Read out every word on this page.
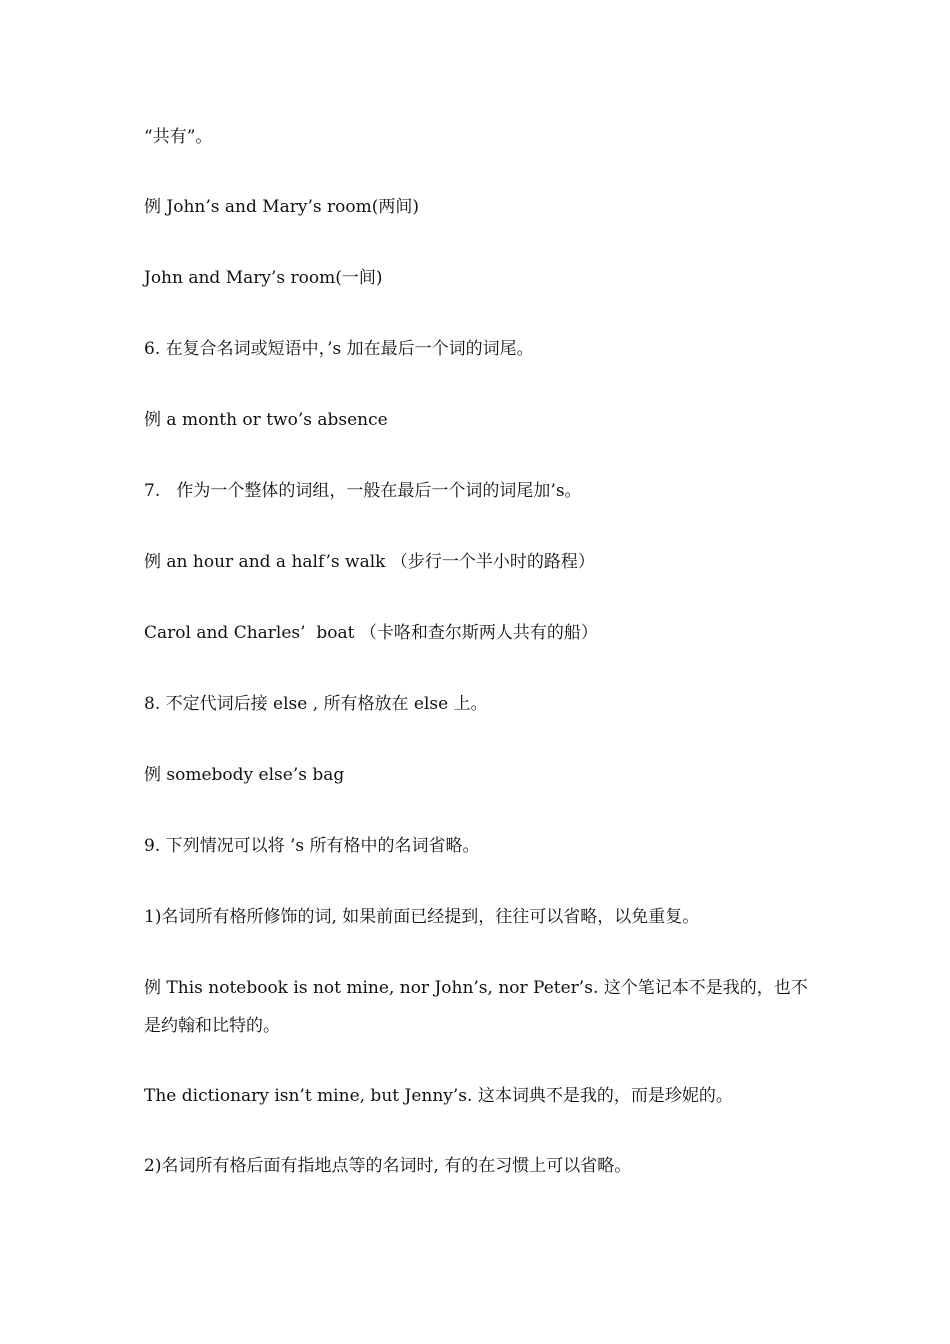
“共有”。
例 John’s and Mary’s room(两间)
John and Mary’s room(一间)
6. 在复合名词或短语中，’s 加在最后一个词的词尾。
例 a month or two’s absence
7.   作为一个整体的词组，一般在最后一个词的词尾加’s。
例 an hour and a half’s walk （步行一个半小时的路程）
Carol and Charles’  boat （卡咯和查尔斯两人共有的船）
8. 不定代词后接 else , 所有格放在 else 上。
例 somebody else’s bag
9. 下列情况可以将 ’s 所有格中的名词省略。
1)名词所有格所修饰的词, 如果前面已经提到，往往可以省略，以免重复。
例 This notebook is not mine, nor John’s, nor Peter’s. 这个笔记本不是我的，也不是约翰和比特的。
The dictionary isn’t mine, but Jenny’s. 这本词典不是我的，而是珍妮的。
2)名词所有格后面有指地点等的名词时, 有的在习惯上可以省略。
